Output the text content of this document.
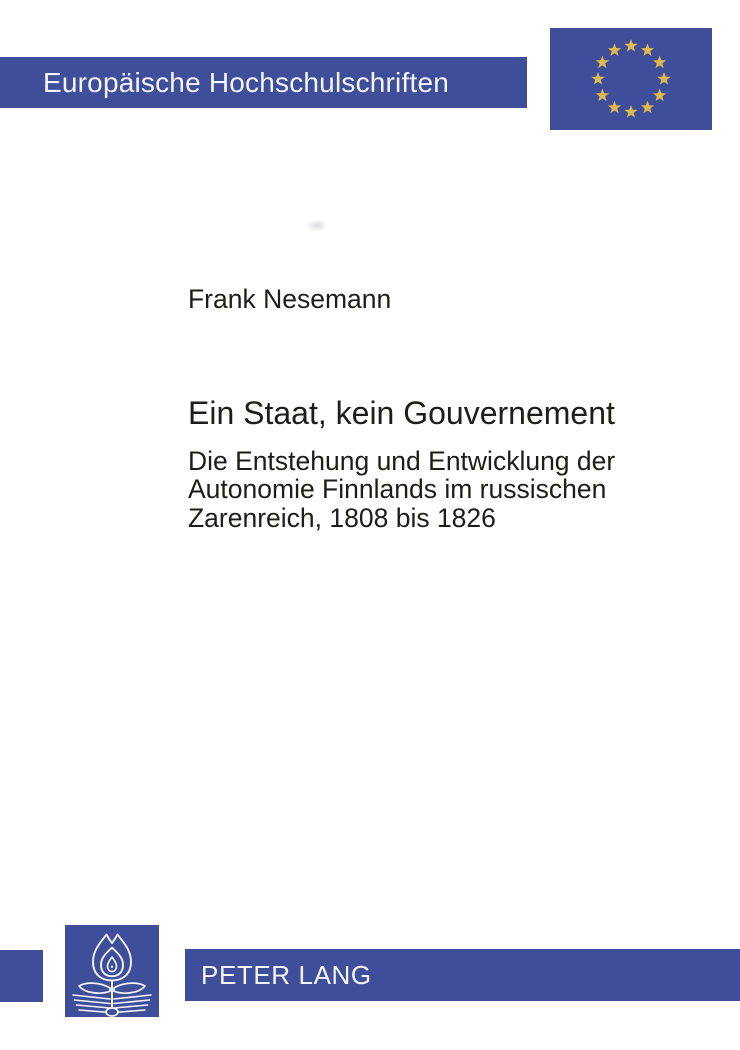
Europäische Hochschulschriften
Frank Nesemann
Ein Staat, kein Gouvernement
Die Entstehung und Entwicklung der
Autonomie Finnlands im russischen
Zarenreich, 1808 bis 1826
PETER LANG
